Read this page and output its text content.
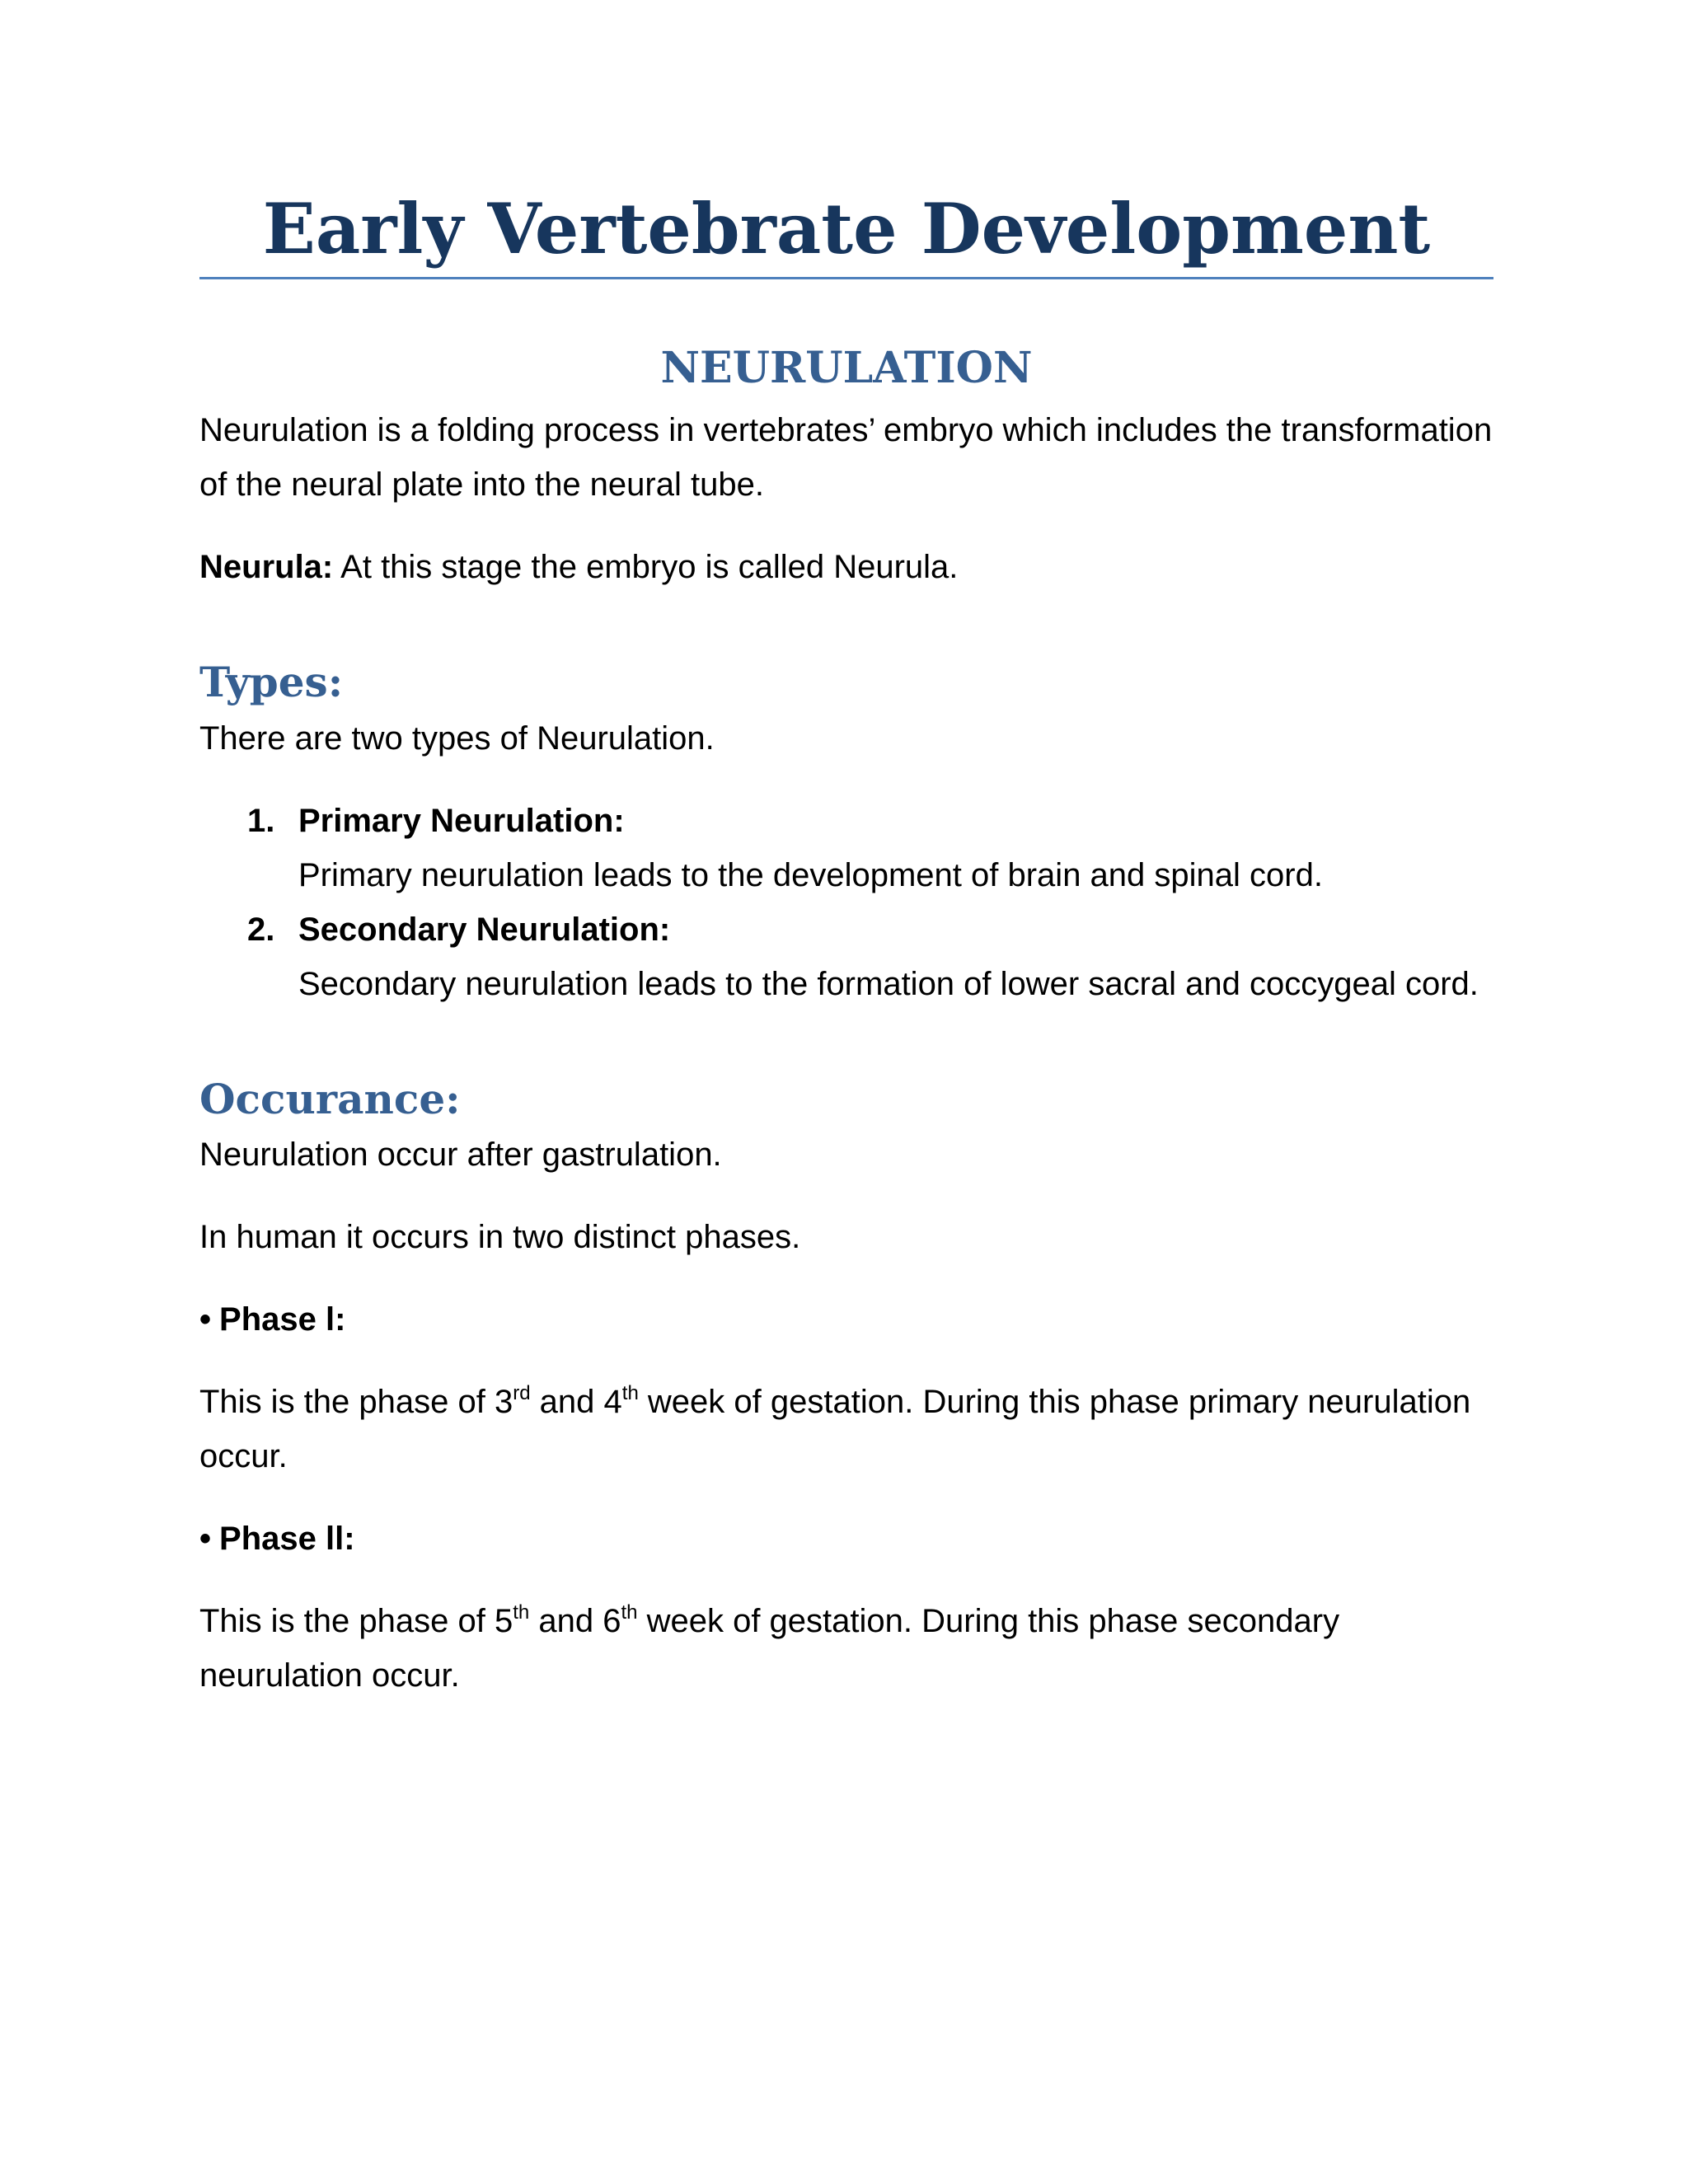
Early Vertebrate Development
NEURULATION

Neurulation is a folding process in vertebrates’ embryo which includes the transformation of the neural plate into the neural tube.

Neurula: At this stage the embryo is called Neurula.

Types:

There are two types of Neurulation.

1. Primary Neurulation:
Primary neurulation leads to the development of brain and spinal cord.
2. Secondary Neurulation:
Secondary neurulation leads to the formation of lower sacral and coccygeal cord.
Occurance:

Neurulation occur after gastrulation.

In human it occurs in two distinct phases.

• Phase l:

This is the phase of 3rd and 4th week of gestation. During this phase primary neurulation occur.

• Phase ll:

This is the phase of 5th and 6th week of gestation. During this phase secondary neurulation occur.
